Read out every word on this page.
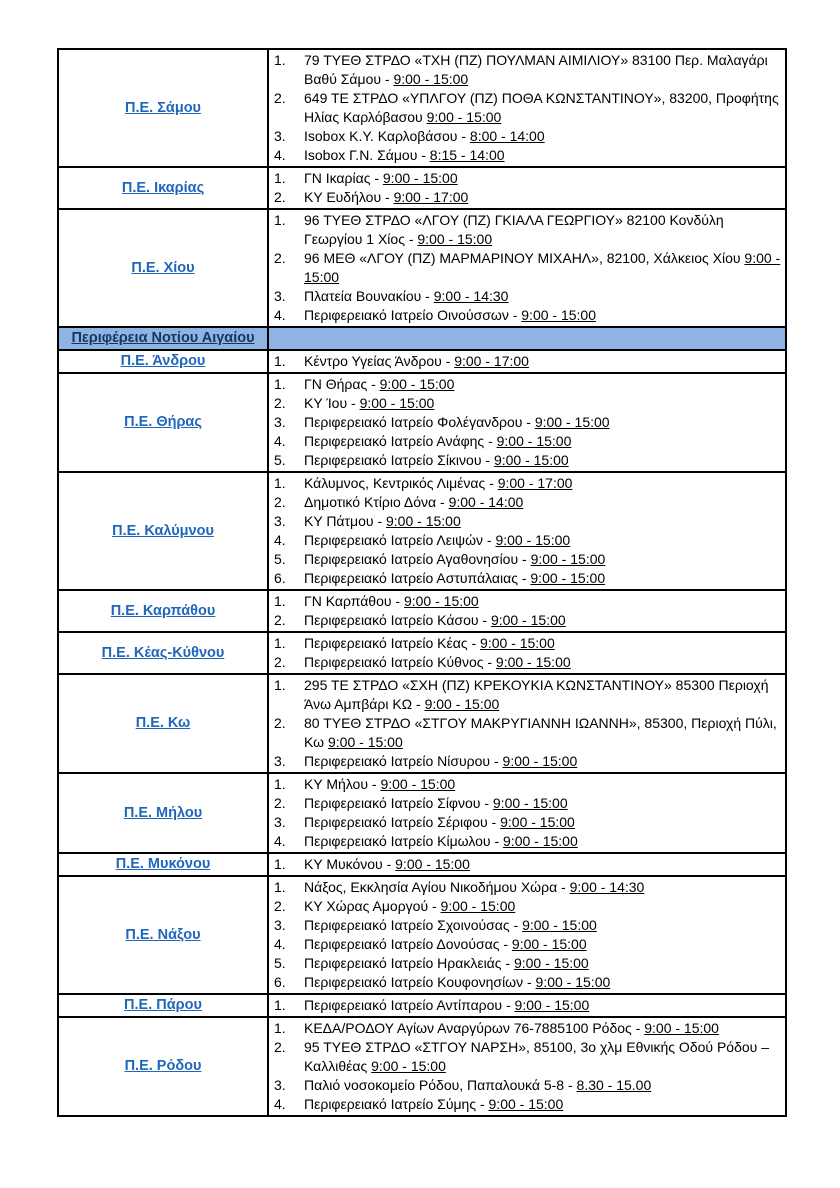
Π.Ε. Σάμου	
1.	79 ΤΥΕΘ ΣΤΡΔΟ «ΤΧΗ (ΠΖ) ΠΟΥΛΜΑΝ ΑΙΜΙΛΙΟΥ» 83100 Περ. Μαλαγάρι Βαθύ Σάμου - 9:00 - 15:00
2.	649 ΤΕ ΣΤΡΔΟ «ΥΠΛΓΟΥ (ΠΖ) ΠΟΘΑ ΚΩΝΣΤΑΝΤΙΝΟΥ», 83200, Προφήτης Ηλίας Καρλόβασου 9:00 - 15:00
3.	Isobox Κ.Υ. Καρλοβάσου - 8:00 - 14:00
4.	Isobox Γ.Ν. Σάμου - 8:15 - 14:00

Π.Ε. Ικαρίας	1. ΓΝ Ικαρίας - 9:00 - 15:00
2. ΚΥ Ευδήλου - 9:00 - 17:00

Π.Ε. Χίου	
1.	96 ΤΥΕΘ ΣΤΡΔΟ «ΛΓΟΥ (ΠΖ) ΓΚΙΑΛΑ ΓΕΩΡΓΙΟΥ» 82100 Κονδύλη Γεωργίου 1 Χίος - 9:00 - 15:00
2.	96 ΜΕΘ «ΛΓΟΥ (ΠΖ) ΜΑΡΜΑΡΙΝΟΥ ΜΙΧΑΗΛ», 82100, Χάλκειος Χίου 9:00 - 15:00
3.	Πλατεία Βουνακίου - 9:00 - 14:30
4.	Περιφερειακό Ιατρείο Οινούσσων - 9:00 - 15:00

Περιφέρεια Νοτίου Αιγαίου	
Π.Ε. Άνδρου	1. Κέντρο Υγείας Άνδρου - 9:00 - 17:00

Π.Ε. Θήρας	
1.	ΓΝ Θήρας - 9:00 - 15:00
2.	ΚΥ Ίου - 9:00 - 15:00
3.	Περιφερειακό Ιατρείο Φολέγανδρου - 9:00 - 15:00
4.	Περιφερειακό Ιατρείο Ανάφης - 9:00 - 15:00
5.	Περιφερειακό Ιατρείο Σίκινου - 9:00 - 15:00

Π.Ε. Καλύμνου	
1.	Κάλυμνος, Κεντρικός Λιμένας - 9:00 - 17:00
2.	Δημοτικό Κτίριο Δόνα - 9:00 - 14:00
3.	ΚΥ Πάτμου - 9:00 - 15:00
4.	Περιφερειακό Ιατρείο Λειψών - 9:00 - 15:00
5.	Περιφερειακό Ιατρείο Αγαθονησίου - 9:00 - 15:00
6.	Περιφερειακό Ιατρείο Αστυπάλαιας - 9:00 - 15:00

Π.Ε. Καρπάθου	1. ΓΝ Καρπάθου - 9:00 - 15:00
2. Περιφερειακό Ιατρείο Κάσου - 9:00 - 15:00

Π.Ε. Κέας-Κύθνου	1. Περιφερειακό Ιατρείο Κέας - 9:00 - 15:00
2. Περιφερειακό Ιατρείο Κύθνος - 9:00 - 15:00

Π.Ε. Κω	
1.	295 ΤΕ ΣΤΡΔΟ «ΣΧΗ (ΠΖ) ΚΡΕΚΟΥΚΙΑ ΚΩΝΣΤΑΝΤΙΝΟΥ» 85300 Περιοχή Άνω Αμπβάρι ΚΩ - 9:00 - 15:00
2.	80 ΤΥΕΘ ΣΤΡΔΟ «ΣΤΓΟΥ ΜΑΚΡΥΓΙΑΝΝΗ ΙΩΑΝΝΗ», 85300, Περιοχή Πύλι, Κω 9:00 - 15:00
3.	Περιφερειακό Ιατρείο Νίσυρου - 9:00 - 15:00

Π.Ε. Μήλου	
1.	ΚΥ Μήλου - 9:00 - 15:00
2.	Περιφερειακό Ιατρείο Σίφνου - 9:00 - 15:00
3.	Περιφερειακό Ιατρείο Σέριφου - 9:00 - 15:00
4.	Περιφερειακό Ιατρείο Κίμωλου - 9:00 - 15:00

Π.Ε. Μυκόνου	1. ΚΥ Μυκόνου - 9:00 - 15:00

Π.Ε. Νάξου	
1.	Νάξος, Εκκλησία Αγίου Νικοδήμου Χώρα - 9:00 - 14:30
2.	ΚΥ Χώρας Αμοργού - 9:00 - 15:00
3.	Περιφερειακό Ιατρείο Σχοινούσας - 9:00 - 15:00
4.	Περιφερειακό Ιατρείο Δονούσας - 9:00 - 15:00
5.	Περιφερειακό Ιατρείο Ηρακλειάς - 9:00 - 15:00
6.	Περιφερειακό Ιατρείο Κουφονησίων - 9:00 - 15:00

Π.Ε. Πάρου	1. Περιφερειακό Ιατρείο Αντίπαρου - 9:00 - 15:00

Π.Ε. Ρόδου	
1.	ΚΕΔΑ/ΡΟΔΟΥ Αγίων Αναργύρων 76-7885100 Ρόδος - 9:00 - 15:00
2.	95 ΤΥΕΘ ΣΤΡΔΟ «ΣΤΓΟΥ ΝΑΡΣΗ», 85100, 3ο χλμ Εθνικής Οδού Ρόδου – Καλλιθέας 9:00 - 15:00
3.	Παλιό νοσοκομείο Ρόδου, Παπαλουκά 5-8 - 8.30 - 15.00
4.	Περιφερειακό Ιατρείο Σύμης - 9:00 - 15:00
